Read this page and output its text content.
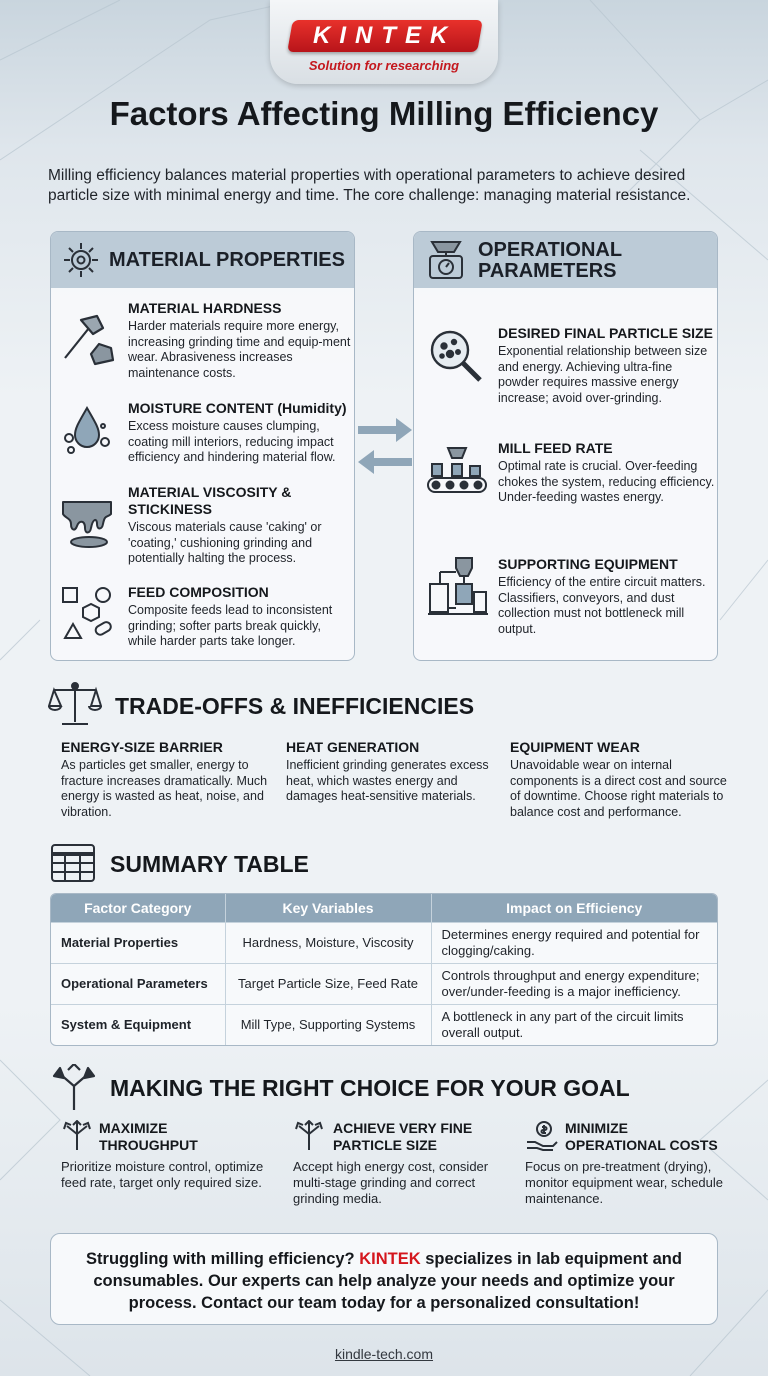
KINTEK
Solution for researching
Factors Affecting Milling Efficiency

Milling efficiency balances material properties with operational parameters to achieve desired particle size with minimal energy and time. The core challenge: managing material resistance.

MATERIAL PROPERTIES
MATERIAL HARDNESS
Harder materials require more energy, increasing grinding time and equip-ment wear. Abrasiveness increases maintenance costs.
MOISTURE CONTENT (Humidity)
Excess moisture causes clumping, coating mill interiors, reducing impact efficiency and hindering material flow.
MATERIAL VISCOSITY & STICKINESS
Viscous materials cause 'caking' or 'coating,' cushioning grinding and potentially halting the process.
FEED COMPOSITION
Composite feeds lead to inconsistent grinding; softer parts break quickly, while harder parts take longer.
OPERATIONAL
PARAMETERS
DESIRED FINAL PARTICLE SIZE
Exponential relationship between size and energy. Achieving ultra-fine powder requires massive energy increase; avoid over-grinding.
MILL FEED RATE
Optimal rate is crucial. Over-feeding chokes the system, reducing efficiency. Under-feeding wastes energy.
SUPPORTING EQUIPMENT
Efficiency of the entire circuit matters. Classifiers, conveyors, and dust collection must not bottleneck mill output.
TRADE-OFFS & INEFFICIENCIES
ENERGY-SIZE BARRIER
As particles get smaller, energy to fracture increases dramatically. Much energy is wasted as heat, noise, and vibration.
HEAT GENERATION
Inefficient grinding generates excess heat, which wastes energy and damages heat-sensitive materials.
EQUIPMENT WEAR
Unavoidable wear on internal components is a direct cost and source of downtime. Choose right materials to balance cost and performance.
SUMMARY TABLE
Factor Category	Key Variables	Impact on Efficiency
Material Properties	Hardness, Moisture, Viscosity	Determines energy required and potential for clogging/caking.
Operational Parameters	Target Particle Size, Feed Rate	Controls throughput and energy expenditure; over/under-feeding is a major inefficiency.
System & Equipment	Mill Type, Supporting Systems	A bottleneck in any part of the circuit limits overall output.
MAKING THE RIGHT CHOICE FOR YOUR GOAL
MAXIMIZE
THROUGHPUT
Prioritize moisture control, optimize feed rate, target only required size.
ACHIEVE VERY FINE
PARTICLE SIZE
Accept high energy cost, consider multi-stage grinding and correct grinding media.
MINIMIZE
OPERATIONAL COSTS
Focus on pre-treatment (drying), monitor equipment wear, schedule maintenance.
Struggling with milling efficiency? KINTEK specializes in lab equipment and consumables. Our experts can help analyze your needs and optimize your process. Contact our team today for a personalized consultation!
kindle-tech.com
